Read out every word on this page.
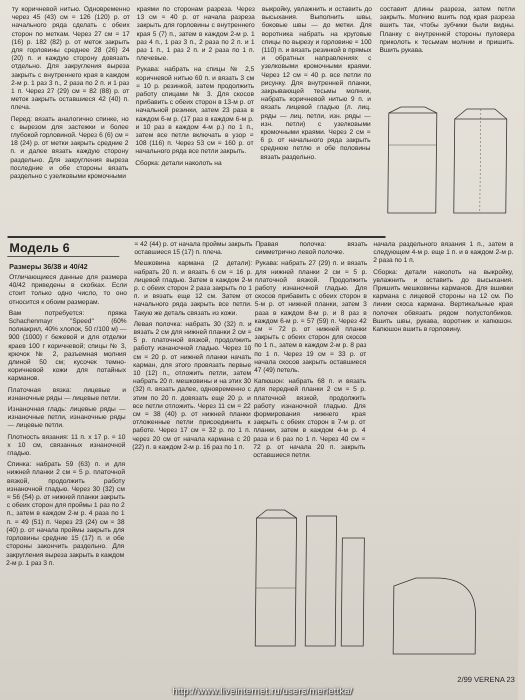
ту коричневой нитью. Одновременно через 45 (43) см = 126 (120) р. от начального ряда сделать с обеих сторон по меткам. Через 27 см = 17 (16) р. 182 (82) р. от меток закрыть для горловины среднее 28 (26) 24 (20) п. и каждую сторону довязать отдельно. Для закругления выреза закрыть с внутреннего края в каждом 2-м р. 1 раз 3 п., 2 раза по 2 п. и 1 раз 1 п. Через 27 (29) см = 82 (88) р. от меток закрыть оставшиеся 42 (40) п. плеча.

Перед: вязать аналогично спинке, но с вырезом для застежки и более глубокой горловиной. Через 6 (6) см = 18 (24) р. от метки закрыть средние 2 п. и далее вязать каждую сторону раздельно. Для закругления выреза последние и обе стороны вязать раздельно с узелковыми кромочными

краями по сторонам разреза. Через 13 см = 40 р. от начала разреза закрыть для горловины с внутреннего края 5 (7) п., затем в каждом 2-м р. 1 раз 4 п., 1 раз 3 п., 2 раза по 2 п. и 1 раз 1 п., 1 раз 2 п. и 2 раза по 1 п. плечевые.

Рукава: набрать на спицы № 2,5 коричневой нитью 60 п. и вязать 3 см = 10 р. резинкой, затем продолжить работу спицами № 3. Для скосов прибавить с обеих сторон в 13-м р. от начальной резинки, затем 23 раза в каждом 6-м р. (17 раз в каждом 6-м р. и 10 раз в каждом 4-м р.) по 1 п., затем все петли включать в узор = 108 (116) п. Через 53 см = 160 р. от начального ряда все петли закрыть.

Сборка: детали наколоть на

выкройку, увлажнить и оставить до высыхания. Выполнить швы, боковые швы — до метки. Для воротника набрать на круговые спицы по вырезу и горловине = 100 (110) п. и вязать резинкой в прямых и обратных направлениях с узелковыми кромочными краями. Через 12 см = 40 р. все петли по рисунку. Для внутренней планки, закрывающей тесьмы молнии, набрать коричневой нитью 9 п. и вязать лицевой гладью (л. лиц. ряды — лиц. петли, изн. ряды — изн. петли) с узелковыми кромочными краями. Через 2 см = 6 р. от начального ряда закрыть среднюю петлю и обе половины вязать раздельно.

составит длины разреза, затем петли закрыть. Молнию вшить под края разреза вшить так, чтобы зубчики были видны. Планку с внутренней стороны пуловера приколоть к тесьмам молнии и пришить. Вшить рукава.

Модель 6
Размеры 36/38 и 40/42

Отличающиеся данные для размера 40/42 приведены в скобках. Если стоит только одно число, то оно относится к обоим размерам.

Вам потребуется: пряжа Schachenmayr "Speed" (60% полиакрил, 40% хлопок, 50 г/100 м) — 900 (1000) г бежевой и для отделки краев 100 г коричневой; спицы № 3, крючок № 2, разъемная молния длиной 50 см; кусочек темно-коричневой кожи для потайных карманов.

Платочная вязка: лицевые и изнаночные ряды — лицевые петли.

Изнаночная гладь: лицевые ряды — изнаночные петли, изнаночные ряды — лицевые петли.

Плотность вязания: 11 п. х 17 р. = 10 х 10 см, связанных изнаночной гладью.

Спинка: набрать 59 (63) п. и для нижней планки 2 см = 5 р. платочной вязкой, продолжить работу изнаночной гладью. Через 30 (32) см = 56 (54) р. от нижней планки закрыть с обеих сторон для проймы 1 раз по 2 п., затем в каждом 2-м р. 4 раза по 1 п. = 49 (51) п. Через 23 (24) см = 38 (40) р. от начала проймы закрыть для горловины средние 15 (17) п. и обе стороны закончить раздельно. Для закругления выреза закрыть в каждом 2-м р. 1 раз 3 п.

= 42 (44) р. от начала проймы закрыть оставшиеся 15 (17) п. плеча.

Мешковина кармана (2 детали): набрать 20 п. и вязать 6 см = 16 р. лицевой гладью. Затем в каждом 2-м р. с обеих сторон 2 раза закрыть по 1 п. и вязать еще 12 см. Затем от начального ряда закрыть все петли. Такую же деталь связать из кожи.

Левая полочка: набрать 30 (32) п. и вязать 2 см для нижней планки 2 см = 5 р. платочной вязкой, продолжить работу изнаночной гладью. Через 10 см = 20 р. от нижней планки начать карман, для этого провязать первые 10 (12) п., отложить петли, затем набрать 20 п. мешковины и на этих 30 (32) п. вязать далее, одновременно с этим по 20 п. довязать еще 20 р. и все петли отложить. Через 11 см = 22 см = 38 (40) р. от нижней планки отложенные петли присоединить к работе. Через 17 см = 32 р. по 1 п. через 20 см от начала кармана с 20 (22) п. в каждом 2-м р. 16 раз по 1 п.

Правая полочка: вязать симметрично левой полочке.

Рукава: набрать 27 (29) п. и вязать для нижней планки 2 см = 5 р. платочной вязкой. Продолжить работу изнаночной гладью. Для скосов прибавить с обеих сторон в 5-м р. от нижней планки, затем 3 раза в каждом 8-м р. и 8 раз в каждом 6-м р. = 57 (59) п. Через 42 см = 72 р. от нижней планки закрыть с обеих сторон для скосов по 1 п., затем в каждом 2-м р. 8 раз по 1 п. Через 19 см = 33 р. от начала скосов закрыть оставшиеся 47 (49) петель.

Капюшон: набрать 68 п. и вязать для передней планки 2 см = 5 р. платочной вязкой, продолжить работу изнаночной гладью. Для формирования нижнего края закрыть с обеих сторон в 7-м р. от планки, затем в каждом 4-м р. 4 раза и 6 раз по 1 п. Через 40 см = 72 р. от начала 20 п. закрыть оставшиеся петли.

начала раздельного вязания 1 п., затем в следующем 4-м р. еще 1 п. и в каждом 2-м р. 2 раза по 1 п.

Сборка: детали наколоть на выкройку, увлажнить и оставить до высыхания. Пришить мешковины карманов. Для вшивки кармана с лицевой стороны на 12 см. По линии скоса кармана. Вертикальные края полочек обвязать рядом полустолбиков. Вшить швы, рукава, воротник и капюшон. Капюшон вшить в горловину.

2/99 VERENA 23
http://www.liveinternet.ru/users/merlettka/
